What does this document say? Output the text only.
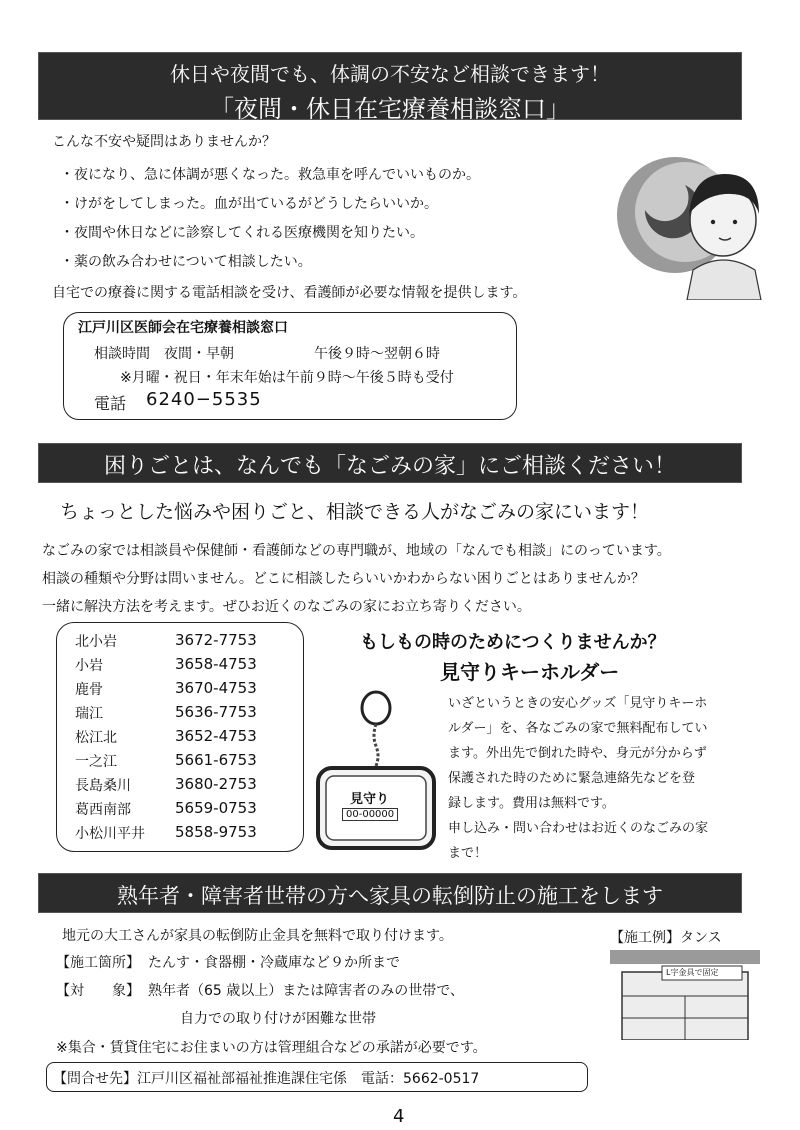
休日や夜間でも、体調の不安など相談できます！
「夜間・休日在宅療養相談窓口」
こんな不安や疑問はありませんか？
・夜になり、急に体調が悪くなった。救急車を呼んでいいものか。
・けがをしてしまった。血が出ているがどうしたらいいか。
・夜間や休日などに診察してくれる医療機関を知りたい。
・薬の飲み合わせについて相談したい。
自宅での療養に関する電話相談を受け、看護師が必要な情報を提供します。
江戸川区医師会在宅療養相談窓口
相談時間　夜間・早朝	午後９時～翌朝６時
※月曜・祝日・年末年始は午前９時～午後５時も受付
電話 6240−5535
困りごとは、なんでも「なごみの家」にご相談ください！
ちょっとした悩みや困りごと、相談できる人がなごみの家にいます！
なごみの家では相談員や保健師・看護師などの専門職が、地域の「なんでも相談」にのっています。
相談の種類や分野は問いません。どこに相談したらいいかわからない困りごとはありませんか？
一緒に解決方法を考えます。ぜひお近くのなごみの家にお立ち寄りください。
北小岩	3672-7753
小岩	3658-4753
鹿骨	3670-4753
瑞江	5636-7753
松江北	3652-4753
一之江	5661-6753
長島桑川	3680-2753
葛西南部	5659-0753
小松川平井 5858-9753
見守り
00-00000
もしもの時のためにつくりませんか？
見守りキーホルダー
いざというときの安心グッズ「見守りキーホ
ルダー」を、各なごみの家で無料配布してい
ます。外出先で倒れた時や、身元が分からず
保護された時のために緊急連絡先などを登
録します。費用は無料です。
申し込み・問い合わせはお近くのなごみの家
まで！
熟年者・障害者世帯の方へ家具の転倒防止の施工をします
地元の大工さんが家具の転倒防止金具を無料で取り付けます。
【施工箇所】 たんす・食器棚・冷蔵庫など９か所まで
【対　　象】 熟年者（65 歳以上）または障害者のみの世帯で、
自力での取り付けが困難な世帯
※集合・賃貸住宅にお住まいの方は管理組合などの承諾が必要です。
【問合せ先】江戸川区福祉部福祉推進課住宅係　電話：5662-0517
【施工例】タンス
L字金具で固定
4
